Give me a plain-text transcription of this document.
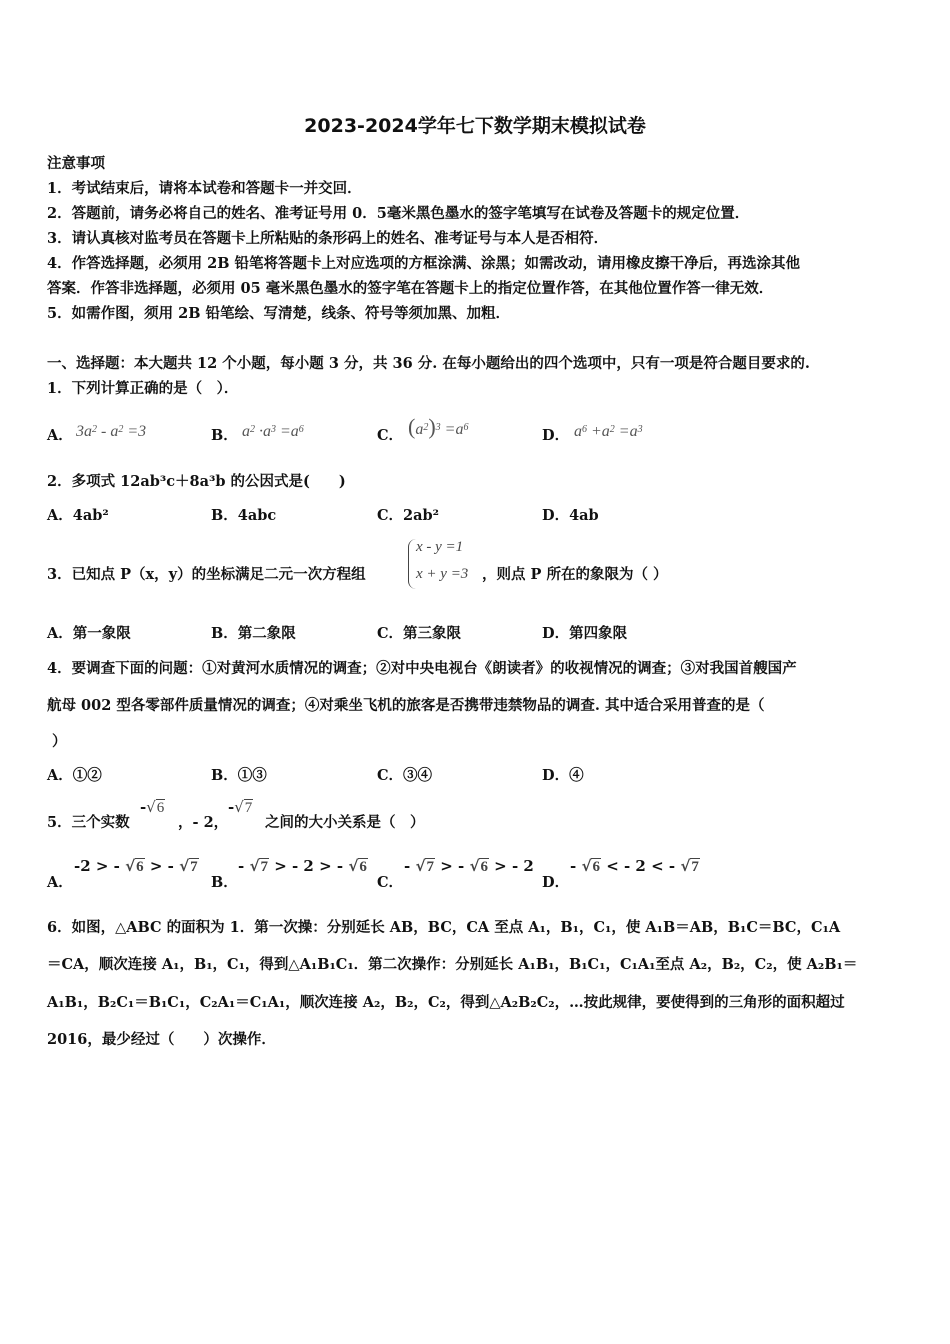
2023-2024学年七下数学期末模拟试卷
注意事项
1．考试结束后，请将本试卷和答题卡一并交回．
2．答题前，请务必将自己的姓名、准考证号用 0．5毫米黑色墨水的签字笔填写在试卷及答题卡的规定位置．
3．请认真核对监考员在答题卡上所粘贴的条形码上的姓名、准考证号与本人是否相符．
4．作答选择题，必须用 2B 铅笔将答题卡上对应选项的方框涂满、涂黑；如需改动，请用橡皮擦干净后，再选涂其他
答案．作答非选择题，必须用 05 毫米黑色墨水的签字笔在答题卡上的指定位置作答，在其他位置作答一律无效．
5．如需作图，须用 2B 铅笔绘、写清楚，线条、符号等须加黑、加粗．
一、选择题：本大题共 12 个小题，每小题 3 分，共 36 分. 在每小题给出的四个选项中，只有一项是符合题目要求的.
1．下列计算正确的是（　）．
A． $3a^2 - a^2 =3$	B． $a^2 \cdot a^3 =a^6$	C． $(a^2)^3 =a^6$	D． $a^6 +a^2 =a^3$
2．多项式 12ab³c＋8a³b 的公因式是(　　)
A．4ab²	B．4abc	C．2ab²	D．4ab
3．已知点 P（x，y）的坐标满足二元一次方程组
x - y =1
x + y =3 ，则点 P 所在的象限为（ ）
A．第一象限	B．第二象限	C．第三象限	D．第四象限
4．要调查下面的问题：①对黄河水质情况的调查；②对中央电视台《朗读者》的收视情况的调查；③对我国首艘国产
航母 002 型各零部件质量情况的调查；④对乘坐飞机的旅客是否携带违禁物品的调查. 其中适合采用普查的是（
）
A．①②	B．①③	C．③④	D．④
5．三个实数
-√6
，- 2，
-√7
之间的大小关系是（　）
A．
-2 > - √6 > - √7
B．
- √7 > - 2 > - √6
C．
- √7 > - √6 > - 2
D．
- √6 < - 2 < - √7
6．如图，△ABC 的面积为 1．第一次操：分别延长 AB，BC，CA 至点 A₁，B₁，C₁，使 A₁B＝AB，B₁C＝BC，C₁A
＝CA，顺次连接 A₁，B₁，C₁，得到△A₁B₁C₁．第二次操作：分别延长 A₁B₁，B₁C₁，C₁A₁至点 A₂，B₂，C₂，使 A₂B₁＝
A₁B₁，B₂C₁＝B₁C₁，C₂A₁＝C₁A₁，顺次连接 A₂，B₂，C₂，得到△A₂B₂C₂，…按此规律，要使得到的三角形的面积超过
2016，最少经过（　　）次操作．
